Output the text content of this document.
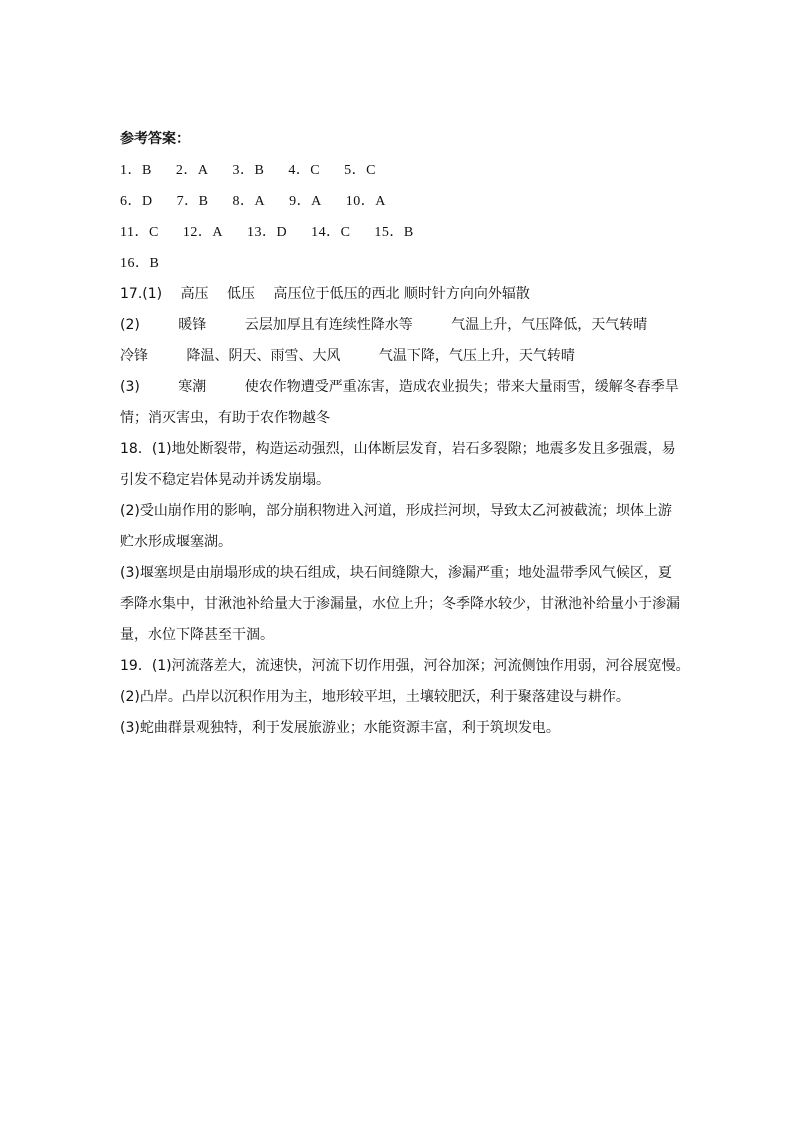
参考答案：

1．B 2．A 3．B 4．C 5．C
6．D 7．B 8．A 9．A 10．A
11．C 12．A 13．D 14．C 15．B
16．B

17.(1) 高压 低压 高压位于低压的西北 顺时针方向向外辐散

(2)	暖锋	云层加厚且有连续性降水等	气温上升，气压降低，天气转晴

冷锋	降温、阴天、雨雪、大风	气温下降，气压上升，天气转晴

(3)	寒潮	使农作物遭受严重冻害，造成农业损失；带来大量雨雪，缓解冬春季旱

情；消灭害虫，有助于农作物越冬

18．(1)地处断裂带，构造运动强烈，山体断层发育，岩石多裂隙；地震多发且多强震，易

引发不稳定岩体晃动并诱发崩塌。

(2)受山崩作用的影响，部分崩积物进入河道，形成拦河坝，导致太乙河被截流；坝体上游

贮水形成堰塞湖。

(3)堰塞坝是由崩塌形成的块石组成，块石间缝隙大，渗漏严重；地处温带季风气候区，夏

季降水集中，甘湫池补给量大于渗漏量，水位上升；冬季降水较少，甘湫池补给量小于渗漏

量，水位下降甚至干涸。

19．(1)河流落差大，流速快，河流下切作用强，河谷加深；河流侧蚀作用弱，河谷展宽慢。

(2)凸岸。凸岸以沉积作用为主，地形较平坦，土壤较肥沃，利于聚落建设与耕作。

(3)蛇曲群景观独特，利于发展旅游业；水能资源丰富，利于筑坝发电。
